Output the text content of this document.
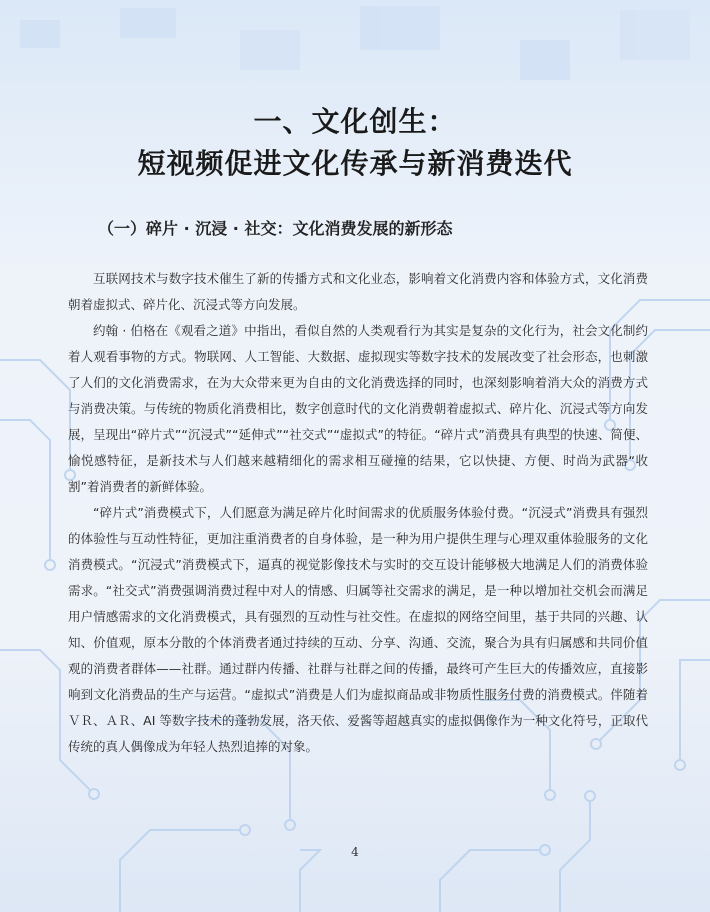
一、文化创生：
短视频促进文化传承与新消费迭代
（一）碎片 · 沉浸 · 社交：文化消费发展的新形态

互联网技术与数字技术催生了新的传播方式和文化业态，影响着文化消费内容和体验方式，文化消费朝着虚拟式、碎片化、沉浸式等方向发展。

约翰 · 伯格在《观看之道》中指出，看似自然的人类观看行为其实是复杂的文化行为，社会文化制约着人观看事物的方式。物联网、人工智能、大数据、虚拟现实等数字技术的发展改变了社会形态，也刺激了人们的文化消费需求，在为大众带来更为自由的文化消费选择的同时，也深刻影响着消大众的消费方式与消费决策。与传统的物质化消费相比，数字创意时代的文化消费朝着虚拟式、碎片化、沉浸式等方向发展，呈现出“碎片式”“沉浸式”“延伸式”“社交式”“虚拟式”的特征。“碎片式”消费具有典型的快速、简便、愉悦感特征，是新技术与人们越来越精细化的需求相互碰撞的结果，它以快捷、方便、时尚为武器“收割”着消费者的新鲜体验。

“碎片式”消费模式下，人们愿意为满足碎片化时间需求的优质服务体验付费。“沉浸式”消费具有强烈的体验性与互动性特征，更加注重消费者的自身体验，是一种为用户提供生理与心理双重体验服务的文化消费模式。“沉浸式”消费模式下，逼真的视觉影像技术与实时的交互设计能够极大地满足人们的消费体验需求。“社交式”消费强调消费过程中对人的情感、归属等社交需求的满足，是一种以增加社交机会而满足用户情感需求的文化消费模式，具有强烈的互动性与社交性。在虚拟的网络空间里，基于共同的兴趣、认知、价值观，原本分散的个体消费者通过持续的互动、分享、沟通、交流，聚合为具有归属感和共同价值观的消费者群体——社群。通过群内传播、社群与社群之间的传播，最终可产生巨大的传播效应，直接影响到文化消费品的生产与运营。“虚拟式”消费是人们为虚拟商品或非物质性服务付费的消费模式。伴随着ＶＲ、ＡＲ、AI 等数字技术的蓬勃发展，洛天依、爱酱等超越真实的虚拟偶像作为一种文化符号，正取代传统的真人偶像成为年轻人热烈追捧的对象。

4
